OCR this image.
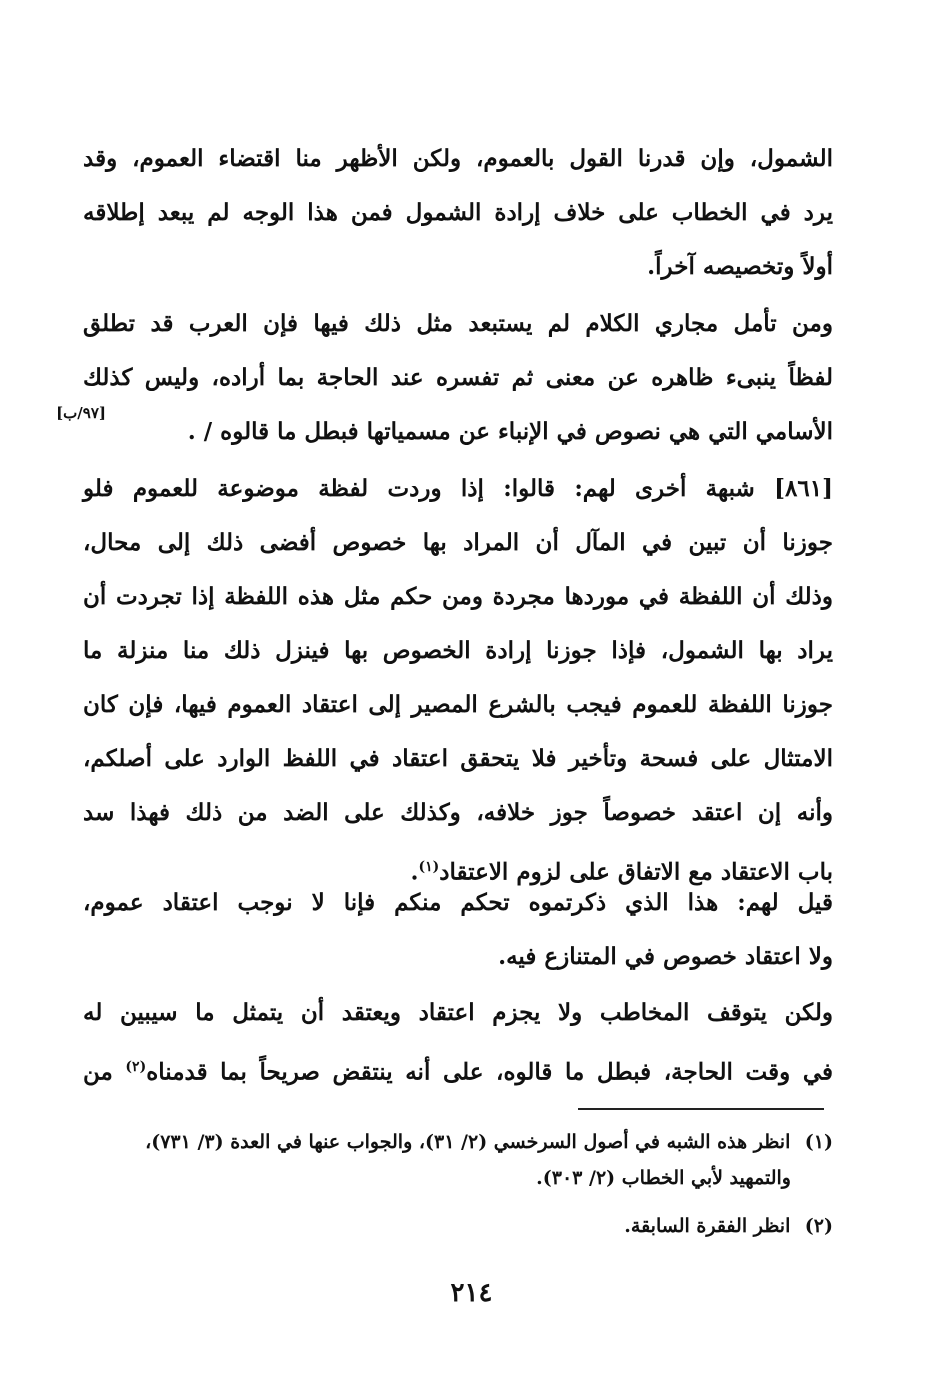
الشمول، وإن قدرنا القول بالعموم، ولكن الأظهر منا اقتضاء العموم، وقد
يرد في الخطاب على خلاف إرادة الشمول فمن هذا الوجه لم يبعد إطلاقه
أولاً وتخصيصه آخراً.

ومن تأمل مجاري الكلام لم يستبعد مثل ذلك فيها فإن العرب قد تطلق
لفظاً ينبىء ظاهره عن معنى ثم تفسره عند الحاجة بما أراده، وليس كذلك
الأسامي التي هي نصوص في الإنباء عن مسمياتها فبطل ما قالوه / .

[٩٧/ب]

[٨٦١] شبهة أخرى لهم: قالوا: إذا وردت لفظة موضوعة للعموم فلو
جوزنا أن تبين في المآل أن المراد بها خصوص أفضى ذلك إلى محال،
وذلك أن اللفظة في موردها مجردة ومن حكم مثل هذه اللفظة إذا تجردت أن
يراد بها الشمول، فإذا جوزنا إرادة الخصوص بها فينزل ذلك منا منزلة ما
جوزنا اللفظة للعموم فيجب بالشرع المصير إلى اعتقاد العموم فيها، فإن كان
الامتثال على فسحة وتأخير فلا يتحقق اعتقاد في اللفظ الوارد على أصلكم،
وأنه إن اعتقد خصوصاً جوز خلافه، وكذلك على الضد من ذلك فهذا سد
باب الاعتقاد مع الاتفاق على لزوم الاعتقاد$^{(١)}$.

قيل لهم: هذا الذي ذكرتموه تحكم منكم فإنا لا نوجب اعتقاد عموم،
ولا اعتقاد خصوص في المتنازع فيه.

ولكن يتوقف المخاطب ولا يجزم اعتقاد ويعتقد أن يتمثل ما سيبين له
في وقت الحاجة، فبطل ما قالوه، على أنه ينتقض صريحاً بما قدمناه$^{(٢)}$ من

(١) انظر هذه الشبه في أصول السرخسي (٢/ ٣١)، والجواب عنها في العدة (٣/ ٧٣١)،
والتمهيد لأبي الخطاب (٢/ ٣٠٣).
(٢) انظر الفقرة السابقة.
٢١٤
